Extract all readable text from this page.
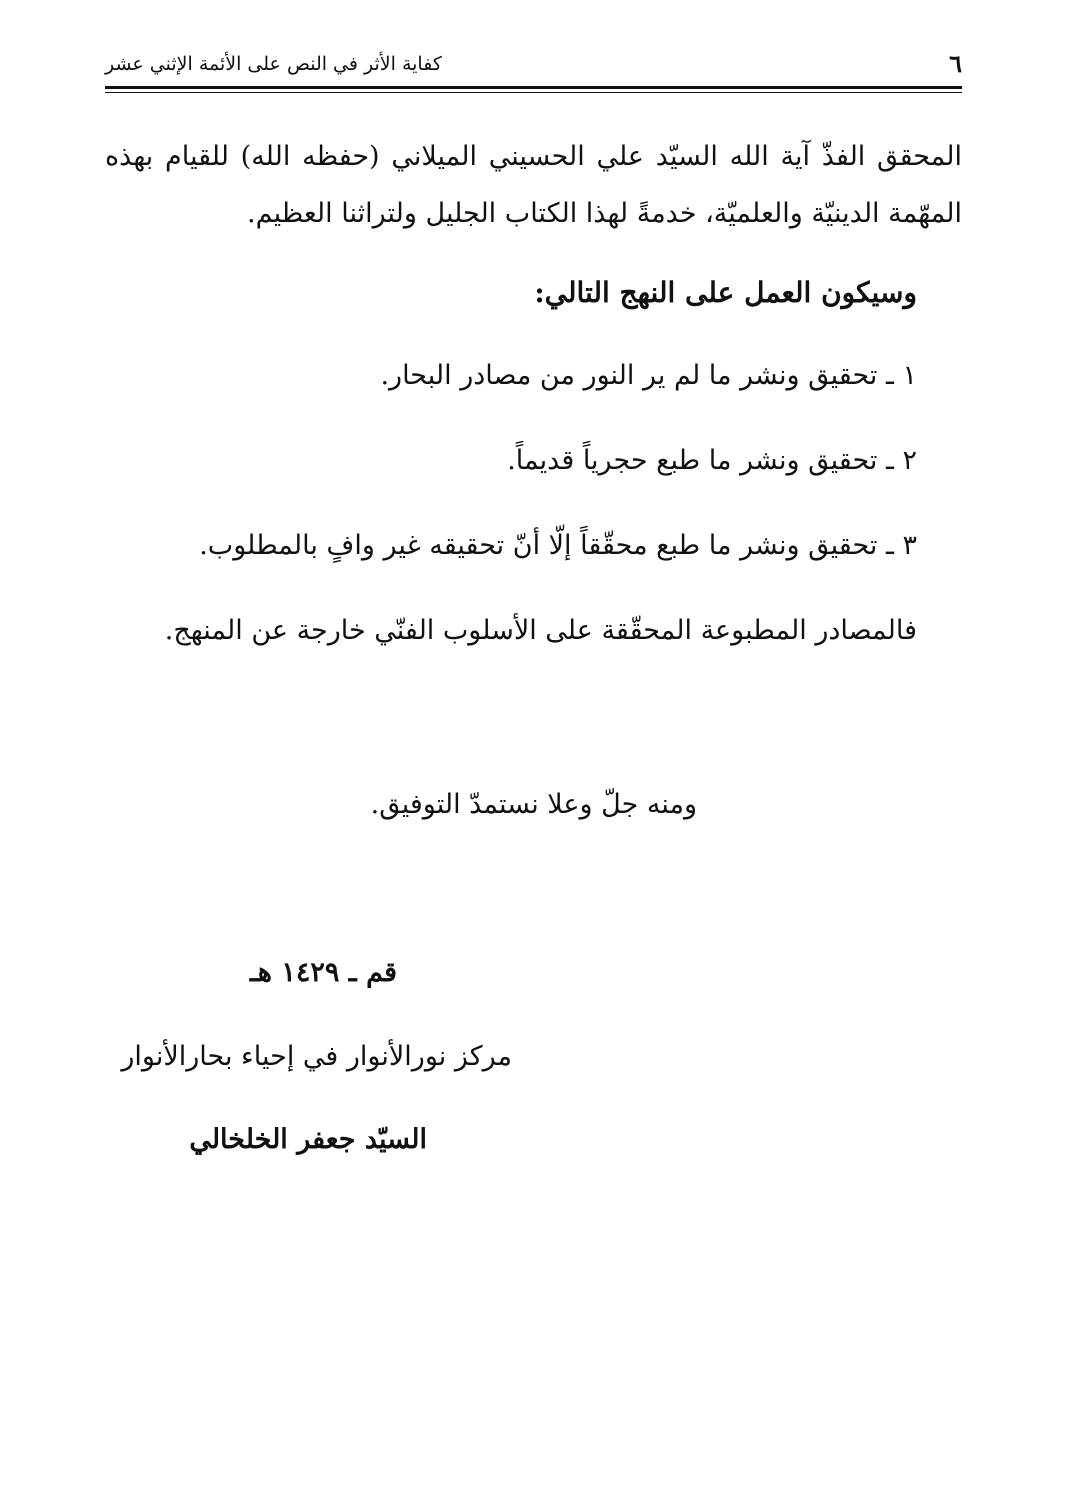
٦
كفاية الأثر في النص على الأئمة الإثني عشر
المحقق الفذّ آية الله السيّد علي الحسيني الميلاني (حفظه الله) للقيام بهذه المهّمة الدينيّة والعلميّة، خدمةً لهذا الكتاب الجليل ولتراثنا العظيم.
وسيكون العمل على النهج التالي:
١ ـ تحقيق ونشر ما لم ير النور من مصادر البحار.
٢ ـ تحقيق ونشر ما طبع حجرياً قديماً.
٣ ـ تحقيق ونشر ما طبع محقّقاً إلّا أنّ تحقيقه غير وافٍ بالمطلوب.
فالمصادر المطبوعة المحقّقة على الأسلوب الفنّي خارجة عن المنهج.
ومنه جلّ وعلا نستمدّ التوفيق.
قم ـ ١٤٢٩ هـ
مركز نورالأنوار في إحياء بحارالأنوار
السيّد جعفر الخلخالي
